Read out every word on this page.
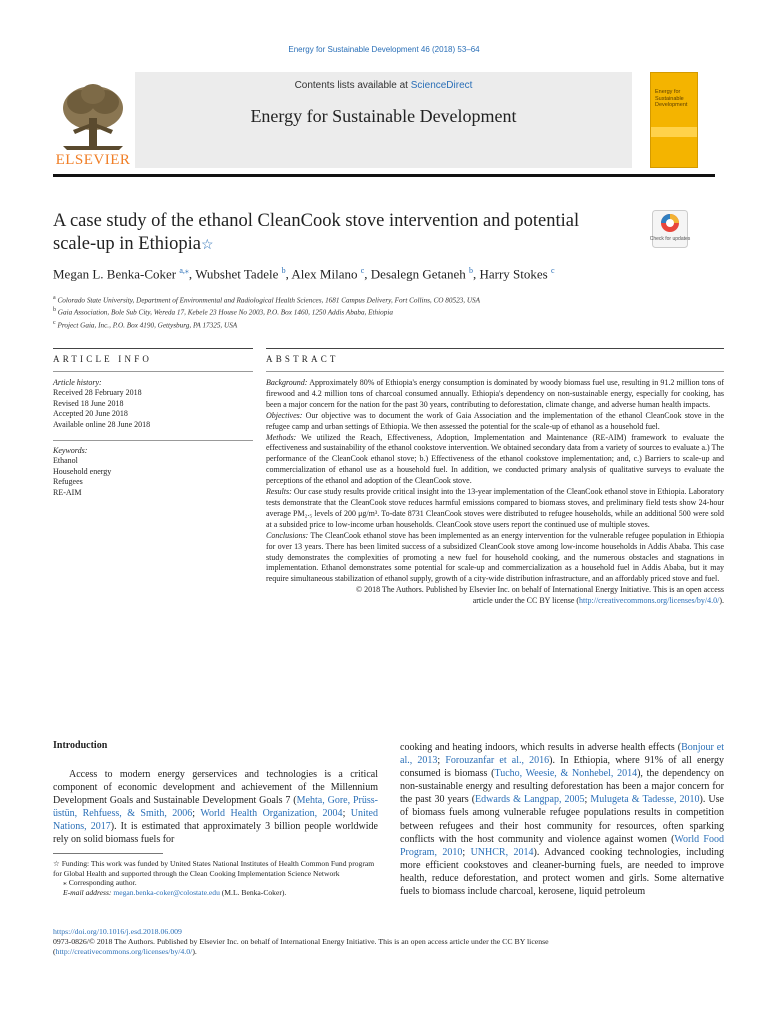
Energy for Sustainable Development 46 (2018) 53–64
Contents lists available at ScienceDirect
Energy for Sustainable Development
ELSEVIER
Energy for Sustainable Development
A case study of the ethanol CleanCook stove intervention and potential scale-up in Ethiopia☆	Check for updates
Megan L. Benka-Coker $^{a,⁎}$, Wubshet Tadele $^b$, Alex Milano $^c$, Desalegn Getaneh $^b$, Harry Stokes $^c$
$^a$ Colorado State University, Department of Environmental and Radiological Health Sciences, 1681 Campus Delivery, Fort Collins, CO 80523, USA
$^b$ Gaia Association, Bole Sub City, Wereda 17, Kebele 23 House No 2003, P.O. Box 1460, 1250 Addis Ababa, Ethiopia
$^c$ Project Gaia, Inc., P.O. Box 4190, Gettysburg, PA 17325, USA
ARTICLE INFO	ABSTRACT
Article history:
Received 28 February 2018
Revised 18 June 2018
Accepted 20 June 2018
Available online 28 June 2018
Keywords:
Ethanol
Household energy
Refugees
RE-AIM

Background: Approximately 80% of Ethiopia's energy consumption is dominated by woody biomass fuel use, resulting in 91.2 million tons of firewood and 4.2 million tons of charcoal consumed annually. Ethiopia's dependency on non-sustainable energy, especially for cooking, has been a major concern for the nation for the past 30 years, contributing to deforestation, climate change, and adverse human health impacts.

Objectives: Our objective was to document the work of Gaia Association and the implementation of the ethanol CleanCook stove in the refugee camp and urban settings of Ethiopia. We then assessed the potential for the scale-up of ethanol as a household fuel.

Methods: We utilized the Reach, Effectiveness, Adoption, Implementation and Maintenance (RE-AIM) framework to evaluate the effectiveness and sustainability of the ethanol cookstove intervention. We obtained secondary data from a variety of sources to evaluate a.) The performance of the CleanCook ethanol stove; b.) Effectiveness of the ethanol cookstove implementation; and, c.) Barriers to scale-up and commercialization of ethanol use as a household fuel. In addition, we conducted primary analysis of qualitative surveys to evaluate the perceptions of the ethanol and adoption of the CleanCook stove.

Results: Our case study results provide critical insight into the 13-year implementation of the CleanCook ethanol stove in Ethiopia. Laboratory tests demonstrate that the CleanCook stove reduces harmful emissions compared to biomass stoves, and preliminary field tests show 24-hour average PM₂.₅ levels of 200 μg/m³. To-date 8731 CleanCook stoves were distributed to refugee households, while an additional 500 were sold at a subsided price to low-income urban households. CleanCook stove users report the continued use of multiple stoves.

Conclusions: The CleanCook ethanol stove has been implemented as an energy intervention for the vulnerable refugee population in Ethiopia for over 13 years. There has been limited success of a subsidized CleanCook stove among low-income households in Addis Ababa. This case study demonstrates the complexities of promoting a new fuel for household cooking, and the numerous obstacles and stagnations in implementation. Ethanol demonstrates some potential for scale-up and commercialization as a household fuel in Addis Ababa, but it may require simultaneous stabilization of ethanol supply, growth of a city-wide distribution infrastructure, and an affordably priced stove and fuel.

© 2018 The Authors. Published by Elsevier Inc. on behalf of International Energy Initiative. This is an open access

article under the CC BY license (http://creativecommons.org/licenses/by/4.0/).

Introduction

Access to modern energy gerservices and technologies is a critical component of economic development and achievement of the Millennium Development Goals and Sustainable Development Goals 7 (Mehta, Gore, Prüss-üstün, Rehfuess, & Smith, 2006; World Health Organization, 2004; United Nations, 2017). It is estimated that approximately 3 billion people worldwide rely on solid biomass fuels for

cooking and heating indoors, which results in adverse health effects (Bonjour et al., 2013; Forouzanfar et al., 2016). In Ethiopia, where 91% of all energy consumed is biomass (Tucho, Weesie, & Nonhebel, 2014), the dependency on non-sustainable energy and resulting deforestation has been a major concern for the past 30 years (Edwards & Langpap, 2005; Mulugeta & Tadesse, 2010). Use of biomass fuels among vulnerable refugee populations results in competition between refugees and their host community for resources, often sparking conflicts with the host community and violence against women (World Food Program, 2010; UNHCR, 2014). Advanced cooking technologies, including more efficient cookstoves and cleaner-burning fuels, are needed to improve health, reduce deforestation, and protect women and girls. Some alternative fuels to biomass include charcoal, kerosene, liquid petroleum

☆ Funding: This work was funded by United States National Institutes of Health Common Fund program for Global Health and supported through the Clean Cooking Implementation Science Network

⁎ Corresponding author.

E-mail address: megan.benka-coker@colostate.edu (M.L. Benka-Coker).

https://doi.org/10.1016/j.esd.2018.06.009

0973-0826/© 2018 The Authors. Published by Elsevier Inc. on behalf of International Energy Initiative. This is an open access article under the CC BY license

(http://creativecommons.org/licenses/by/4.0/).
